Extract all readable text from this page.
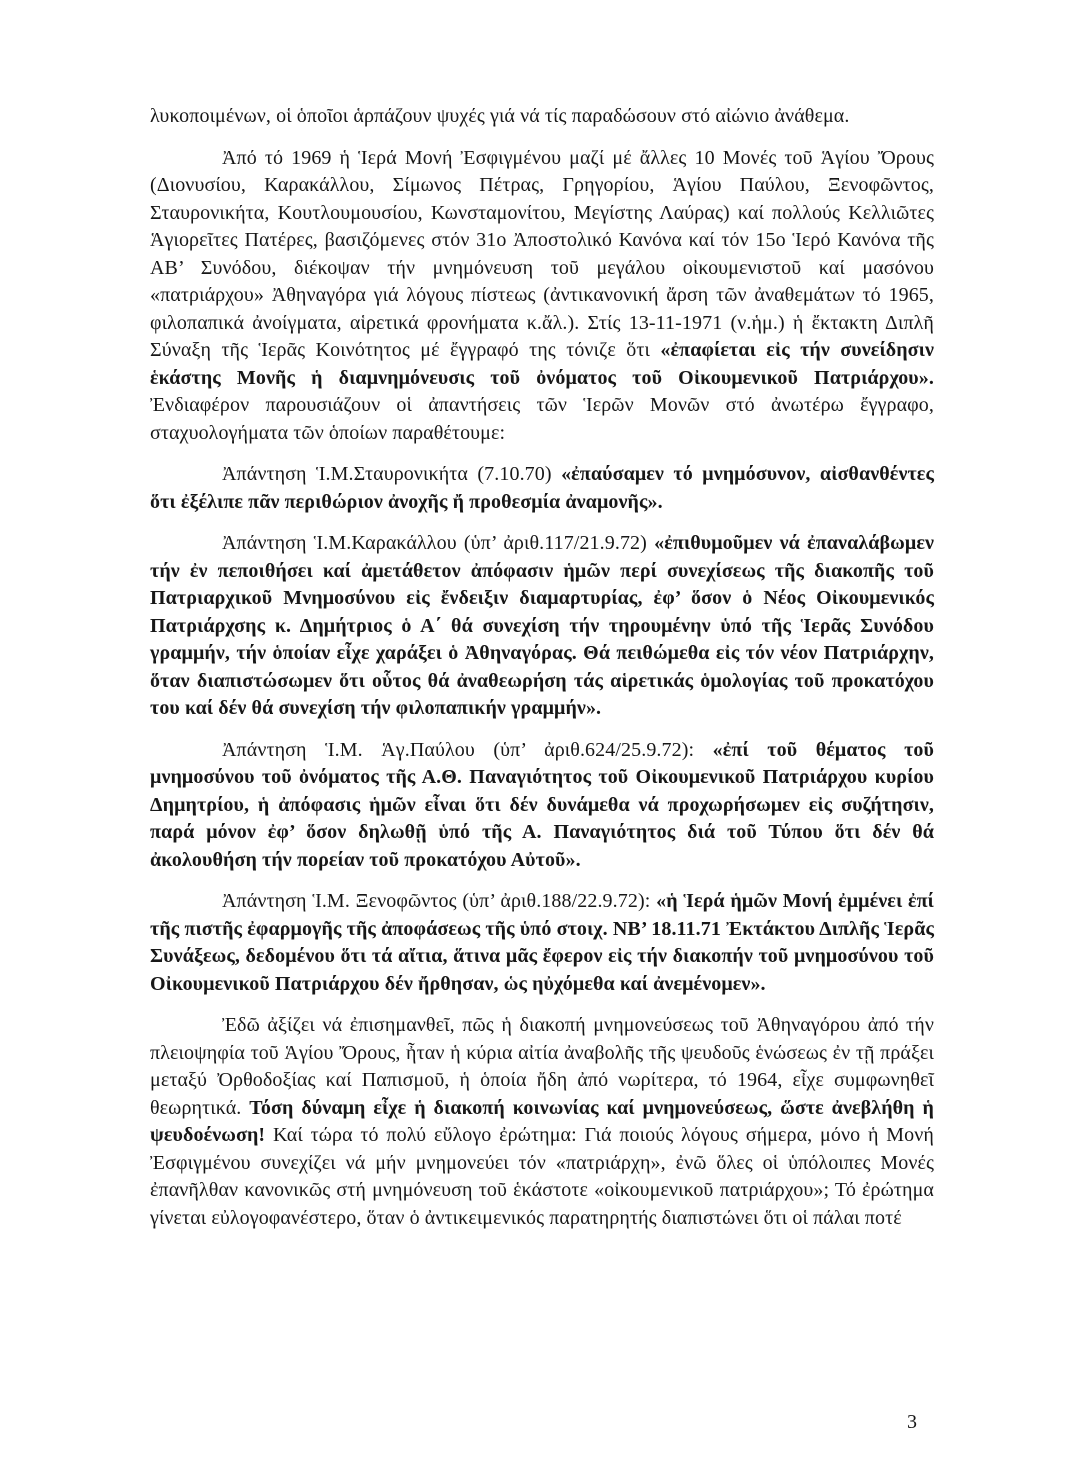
λυκοποιμένων, οἱ ὁποῖοι ἁρπάζουν ψυχές γιά νά τίς παραδώσουν στό αἰώνιο ἀνάθεμα.

Ἀπό τό 1969 ἡ Ἱερά Μονή Ἐσφιγμένου μαζί μέ ἄλλες 10 Μονές τοῦ Ἁγίου Ὄρους (Διονυσίου, Καρακάλλου, Σίμωνος Πέτρας, Γρηγορίου, Ἁγίου Παύλου, Ξενοφῶντος, Σταυρονικήτα, Κουτλουμουσίου, Κωνσταμονίτου, Μεγίστης Λαύρας) καί πολλούς Κελλιῶτες Ἁγιορεῖτες Πατέρες, βασιζόμενες στόν 31ο Ἀποστολικό Κανόνα καί τόν 15ο Ἱερό Κανόνα τῆς ΑΒ’ Συνόδου, διέκοψαν τήν μνημόνευση τοῦ μεγάλου οἰκουμενιστοῦ καί μασόνου «πατριάρχου» Ἀθηναγόρα γιά λόγους πίστεως (ἀντικανονική ἄρση τῶν ἀναθεμάτων τό 1965, φιλοπαπικά ἀνοίγματα, αἱρετικά φρονήματα κ.ἄλ.). Στίς 13-11-1971 (ν.ἡμ.) ἡ ἔκτακτη Διπλῆ Σύναξη τῆς Ἱερᾶς Κοινότητος μέ ἔγγραφό της τόνιζε ὅτι «ἐπαφίεται εἰς τήν συνείδησιν ἑκάστης Μονῆς ἡ διαμνημόνευσις τοῦ ὀνόματος τοῦ Οἰκουμενικοῦ Πατριάρχου». Ἐνδιαφέρον παρουσιάζουν οἱ ἀπαντήσεις τῶν Ἱερῶν Μονῶν στό ἀνωτέρω ἔγγραφο, σταχυολογήματα τῶν ὁποίων παραθέτουμε:

Ἀπάντηση Ἱ.Μ.Σταυρονικήτα (7.10.70) «ἐπαύσαμεν τό μνημόσυνον, αἰσθανθέντες ὅτι ἐξέλιπε πᾶν περιθώριον ἀνοχῆς ἤ προθεσμία ἀναμονῆς».

Ἀπάντηση Ἱ.Μ.Καρακάλλου (ὑπ’ ἀριθ.117/21.9.72) «ἐπιθυμοῦμεν νά ἐπαναλάβωμεν τήν ἐν πεποιθήσει καί ἀμετάθετον ἀπόφασιν ἡμῶν περί συνεχίσεως τῆς διακοπῆς τοῦ Πατριαρχικοῦ Μνημοσύνου εἰς ἔνδειξιν διαμαρτυρίας, ἐφ’ ὅσον ὁ Νέος Οἰκουμενικός Πατριάρχσης κ. Δημήτριος ὁ Α΄ θά συνεχίση τήν τηρουμένην ὑπό τῆς Ἱερᾶς Συνόδου γραμμήν, τήν ὁποίαν εἶχε χαράξει ὁ Ἀθηναγόρας. Θά πειθώμεθα εἰς τόν νέον Πατριάρχην, ὅταν διαπιστώσωμεν ὅτι οὗτος θά ἀναθεωρήση τάς αἱρετικάς ὁμολογίας τοῦ προκατόχου του καί δέν θά συνεχίση τήν φιλοπαπικήν γραμμήν».

Ἀπάντηση Ἱ.Μ. Ἁγ.Παύλου (ὑπ’ ἀριθ.624/25.9.72): «ἐπί τοῦ θέματος τοῦ μνημοσύνου τοῦ ὀνόματος τῆς Α.Θ. Παναγιότητος τοῦ Οἰκουμενικοῦ Πατριάρχου κυρίου Δημητρίου, ἡ ἀπόφασις ἡμῶν εἶναι ὅτι δέν δυνάμεθα νά προχωρήσωμεν εἰς συζήτησιν, παρά μόνον ἐφ’ ὅσον δηλωθῇ ὑπό τῆς Α. Παναγιότητος διά τοῦ Τύπου ὅτι δέν θά ἀκολουθήση τήν πορείαν τοῦ προκατόχου Αὐτοῦ».

Ἀπάντηση Ἱ.Μ. Ξενοφῶντος (ὑπ’ ἀριθ.188/22.9.72): «ἡ Ἱερά ἡμῶν Μονή ἐμμένει ἐπί τῆς πιστῆς ἐφαρμογῆς τῆς ἀποφάσεως τῆς ὑπό στοιχ. ΝΒ’ 18.11.71 Ἐκτάκτου Διπλῆς Ἱερᾶς Συνάξεως, δεδομένου ὅτι τά αἴτια, ἅτινα μᾶς ἔφερον εἰς τήν διακοπήν τοῦ μνημοσύνου τοῦ Οἰκουμενικοῦ Πατριάρχου δέν ἤρθησαν, ὡς ηὐχόμεθα καί ἀνεμένομεν».

Ἐδῶ ἀξίζει νά ἐπισημανθεῖ, πῶς ἡ διακοπή μνημονεύσεως τοῦ Ἀθηναγόρου ἀπό τήν πλειοψηφία τοῦ Ἁγίου Ὄρους, ἦταν ἡ κύρια αἰτία ἀναβολῆς τῆς ψευδοῦς ἑνώσεως ἐν τῇ πράξει μεταξύ Ὀρθοδοξίας καί Παπισμοῦ, ἡ ὁποία ἤδη ἀπό νωρίτερα, τό 1964, εἶχε συμφωνηθεῖ θεωρητικά. Τόση δύναμη εἶχε ἡ διακοπή κοινωνίας καί μνημονεύσεως, ὥστε ἀνεβλήθη ἡ ψευδοένωση! Καί τώρα τό πολύ εὔλογο ἐρώτημα: Γιά ποιούς λόγους σήμερα, μόνο ἡ Μονή Ἐσφιγμένου συνεχίζει νά μήν μνημονεύει τόν «πατριάρχη», ἐνῶ ὅλες οἱ ὑπόλοιπες Μονές ἐπανῆλθαν κανονικῶς στή μνημόνευση τοῦ ἑκάστοτε «οἰκουμενικοῦ πατριάρχου»; Τό ἐρώτημα γίνεται εὐλογοφανέστερο, ὅταν ὁ ἀντικειμενικός παρατηρητής διαπιστώνει ὅτι οἱ πάλαι ποτέ

3
